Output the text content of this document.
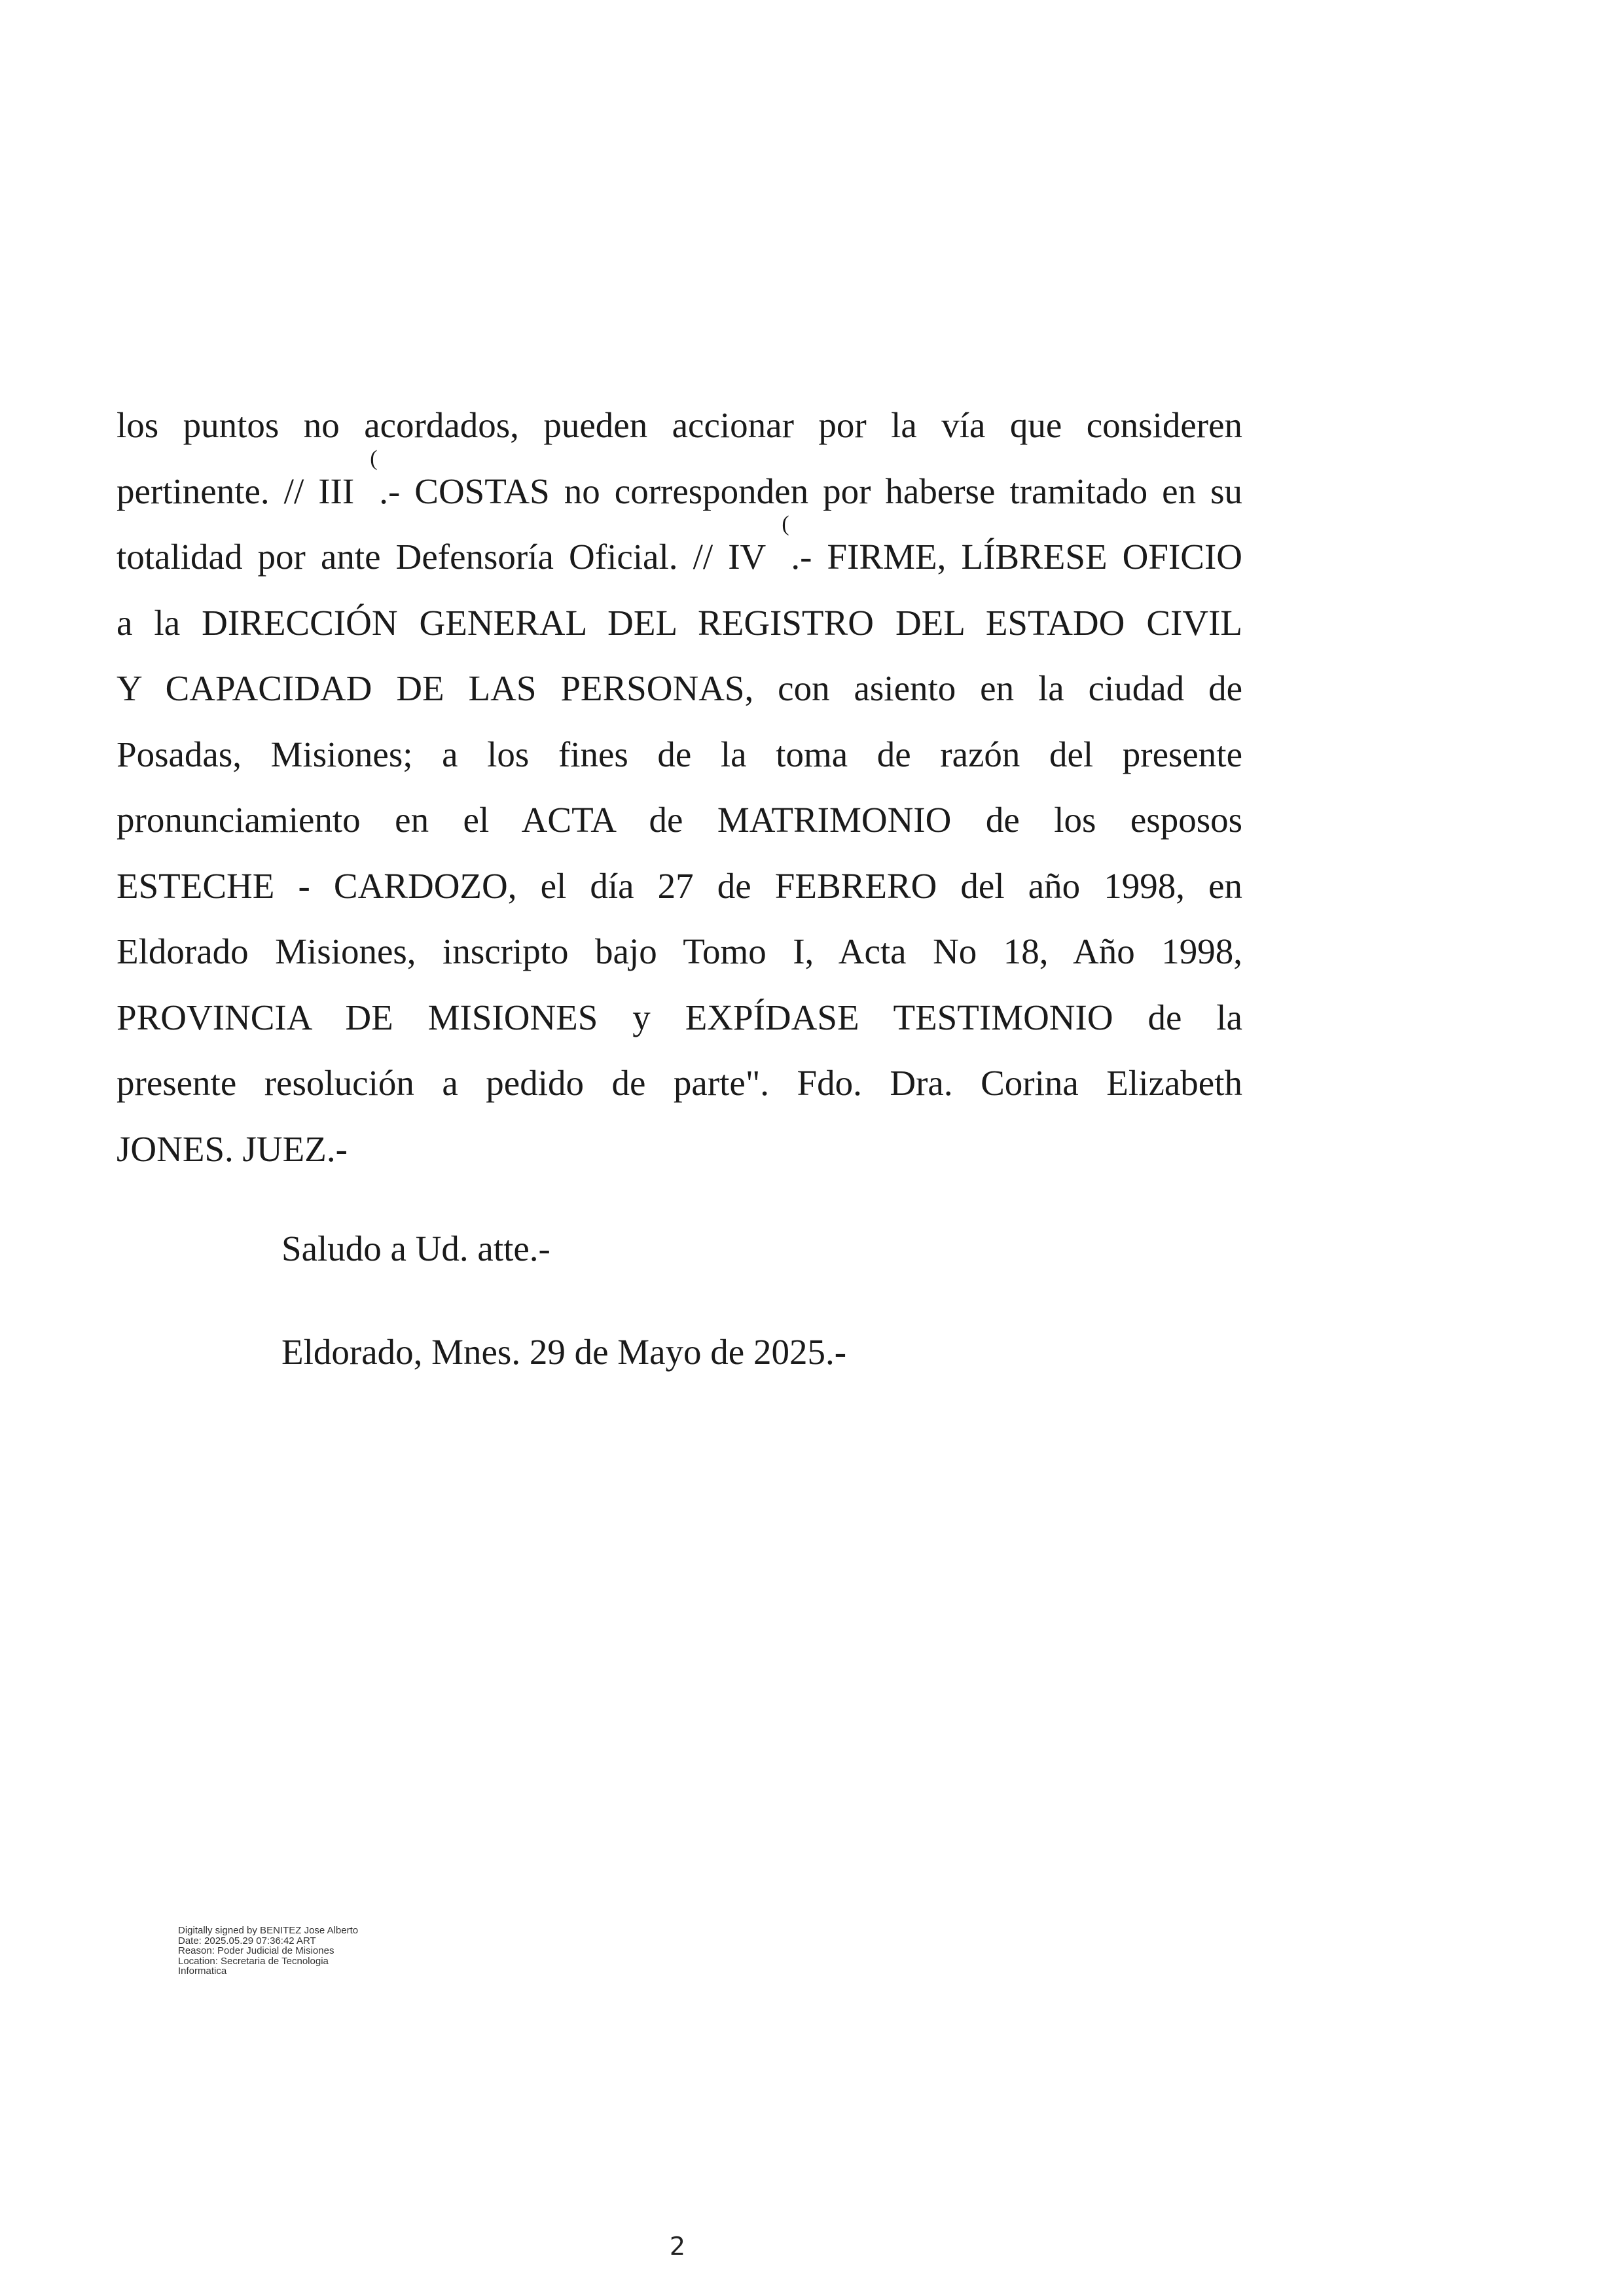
los puntos no acordados, pueden accionar por la vía que consideren
pertinente. // III
(
.- COSTAS no corresponden por haberse tramitado en su
totalidad por ante Defensoría Oficial. // IV
(
.- FIRME, LÍBRESE OFICIO
a la DIRECCIÓN GENERAL DEL REGISTRO DEL ESTADO CIVIL
Y CAPACIDAD DE LAS PERSONAS, con asiento en la ciudad de
Posadas, Misiones; a los fines de la toma de razón del presente
pronunciamiento en el ACTA de MATRIMONIO de los esposos
ESTECHE - CARDOZO, el día 27 de FEBRERO del año 1998, en
Eldorado Misiones, inscripto bajo Tomo I, Acta No 18, Año 1998,
PROVINCIA DE MISIONES y EXPÍDASE TESTIMONIO de la
presente resolución a pedido de parte". Fdo. Dra. Corina Elizabeth
JONES. JUEZ.-
Saludo a Ud. atte.-
Eldorado, Mnes. 29 de Mayo de 2025.-
Digitally signed by BENITEZ Jose Alberto
Date: 2025.05.29 07:36:42 ART
Reason: Poder Judicial de Misiones
Location: Secretaria de Tecnologia
Informatica
2
